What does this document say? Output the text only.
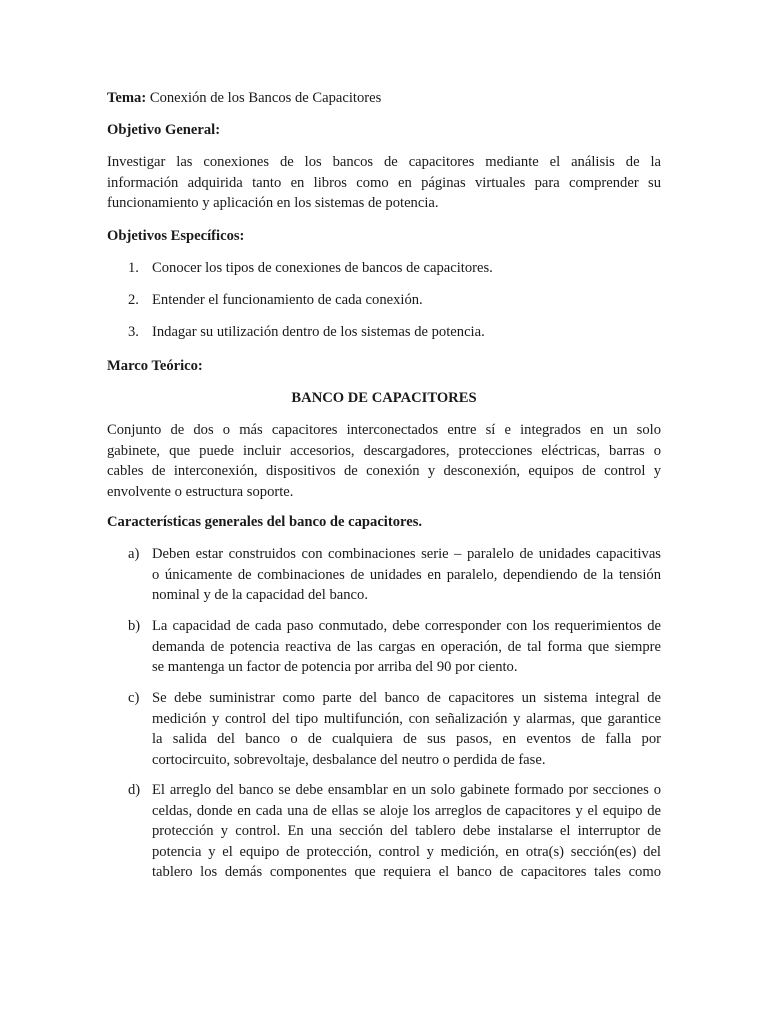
Tema: Conexión de los Bancos de Capacitores
Objetivo General:
Investigar las conexiones de los bancos de capacitores mediante el análisis de la
información adquirida tanto en libros como en páginas virtuales para comprender su
funcionamiento y aplicación en los sistemas de potencia.
Objetivos Específicos:
1. Conocer los tipos de conexiones de bancos de capacitores.
2. Entender el funcionamiento de cada conexión.
3. Indagar su utilización dentro de los sistemas de potencia.
Marco Teórico:
BANCO DE CAPACITORES
Conjunto de dos o más capacitores interconectados entre sí e integrados en un solo
gabinete, que puede incluir accesorios, descargadores, protecciones eléctricas, barras o
cables de interconexión, dispositivos de conexión y desconexión, equipos de control y
envolvente o estructura soporte.
Características generales del banco de capacitores.
a) Deben estar construidos con combinaciones serie – paralelo de unidades capacitivas
o únicamente de combinaciones de unidades en paralelo, dependiendo de la tensión
nominal y de la capacidad del banco.
b) La capacidad de cada paso conmutado, debe corresponder con los requerimientos de
demanda de potencia reactiva de las cargas en operación, de tal forma que siempre
se mantenga un factor de potencia por arriba del 90 por ciento.
c) Se debe suministrar como parte del banco de capacitores un sistema integral de
medición y control del tipo multifunción, con señalización y alarmas, que garantice
la salida del banco o de cualquiera de sus pasos, en eventos de falla por
cortocircuito, sobrevoltaje, desbalance del neutro o perdida de fase.
d) El arreglo del banco se debe ensamblar en un solo gabinete formado por secciones o
celdas, donde en cada una de ellas se aloje los arreglos de capacitores y el equipo de
protección y control. En una sección del tablero debe instalarse el interruptor de
potencia y el equipo de protección, control y medición, en otra(s) sección(es) del
tablero los demás componentes que requiera el banco de capacitores tales como
